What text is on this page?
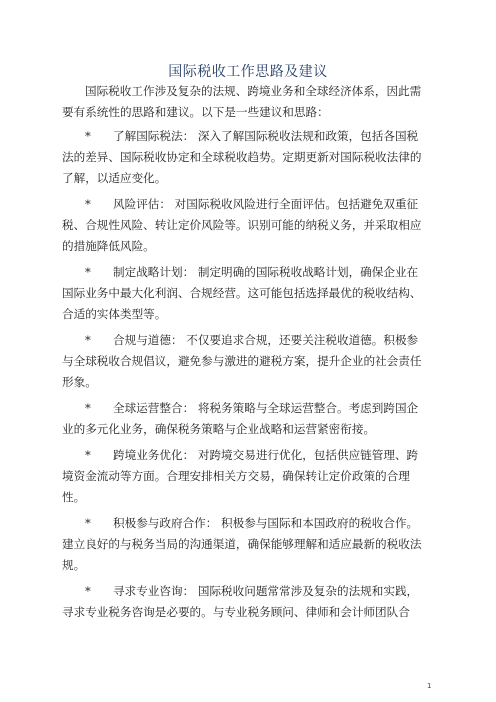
国际税收工作思路及建议

国际税收工作涉及复杂的法规、跨境业务和全球经济体系，因此需要有系统性的思路和建议。以下是一些建议和思路：

* 了解国际税法： 深入了解国际税收法规和政策，包括各国税法的差异、国际税收协定和全球税收趋势。定期更新对国际税收法律的了解，以适应变化。

* 风险评估： 对国际税收风险进行全面评估。包括避免双重征税、合规性风险、转让定价风险等。识别可能的纳税义务，并采取相应的措施降低风险。

* 制定战略计划： 制定明确的国际税收战略计划，确保企业在国际业务中最大化利润、合规经营。这可能包括选择最优的税收结构、合适的实体类型等。

* 合规与道德： 不仅要追求合规，还要关注税收道德。积极参与全球税收合规倡议，避免参与激进的避税方案，提升企业的社会责任形象。

* 全球运营整合： 将税务策略与全球运营整合。考虑到跨国企业的多元化业务，确保税务策略与企业战略和运营紧密衔接。

* 跨境业务优化： 对跨境交易进行优化，包括供应链管理、跨境资金流动等方面。合理安排相关方交易，确保转让定价政策的合理性。

* 积极参与政府合作： 积极参与国际和本国政府的税收合作。建立良好的与税务当局的沟通渠道，确保能够理解和适应最新的税收法规。

* 寻求专业咨询： 国际税收问题常常涉及复杂的法规和实践，寻求专业税务咨询是必要的。与专业税务顾问、律师和会计师团队合

1
